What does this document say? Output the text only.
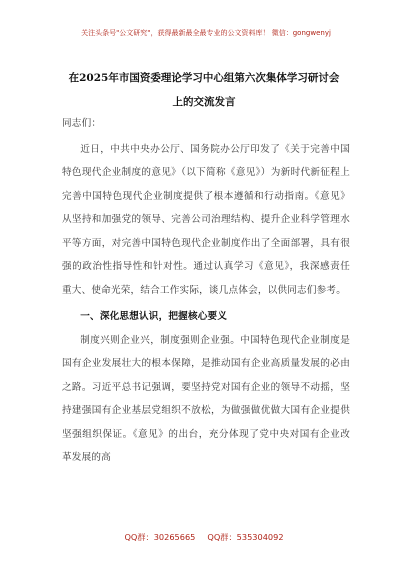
关注头条号"公文研究"，获得最新最全最专业的公文资料库！ 微信：gongwenyj
在2025年市国资委理论学习中心组第六次集体学习研讨会
上的交流发言

同志们：

近日，中共中央办公厅、国务院办公厅印发了《关于完善中国特色现代企业制度的意见》（以下简称《意见》）为新时代新征程上完善中国特色现代企业制度提供了根本遵循和行动指南。《意见》从坚持和加强党的领导、完善公司治理结构、提升企业科学管理水平等方面，对完善中国特色现代企业制度作出了全面部署，具有很强的政治性指导性和针对性。通过认真学习《意见》，我深感责任重大、使命光荣，结合工作实际，谈几点体会，以供同志们参考。

一、深化思想认识，把握核心要义

制度兴则企业兴，制度强则企业强。中国特色现代企业制度是国有企业发展壮大的根本保障，是推动国有企业高质量发展的必由之路。习近平总书记强调，要坚持党对国有企业的领导不动摇，坚持建强国有企业基层党组织不放松，为做强做优做大国有企业提供坚强组织保证。《意见》的出台，充分体现了党中央对国有企业改革发展的高

QQ群：30265665 QQ群：535304092
